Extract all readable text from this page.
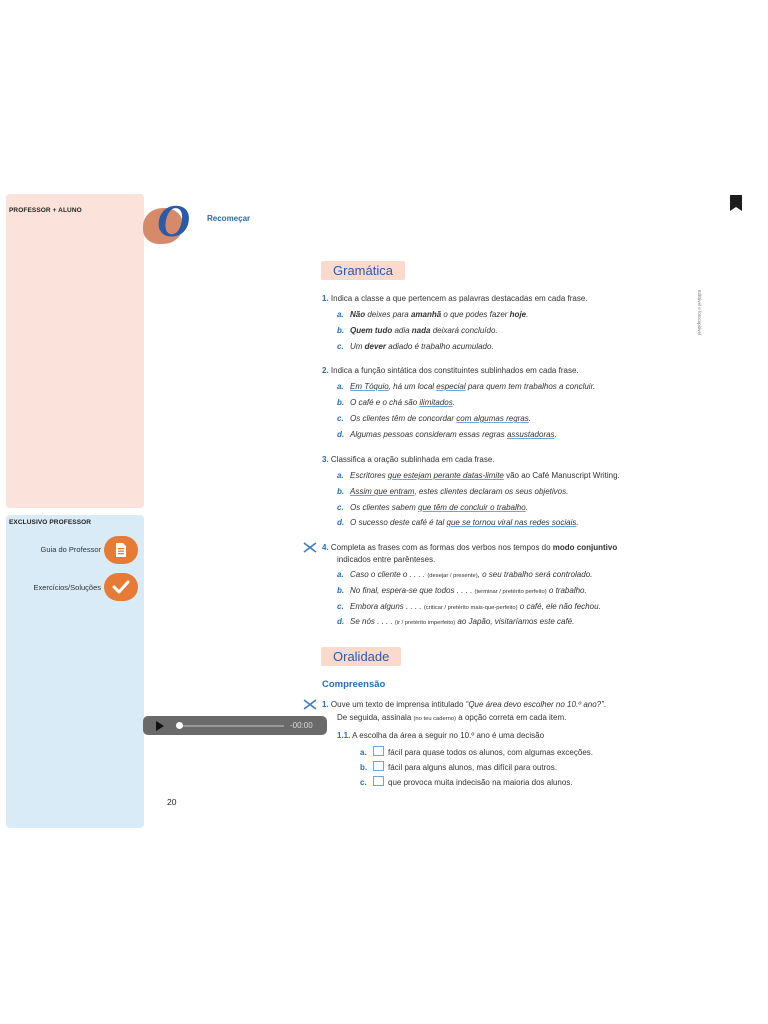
PROFESSOR + ALUNO
EXCLUSIVO PROFESSOR
Guia do Professor
Exercícios/Soluções
O Recomeçar
Editável e fotocopiável
Gramática
1. Indica a classe a que pertencem as palavras destacadas em cada frase.
a. Não deixes para amanhã o que podes fazer hoje.
b. Quem tudo adia nada deixará concluído.
c. Um dever adiado é trabalho acumulado.
2. Indica a função sintática dos constituintes sublinhados em cada frase.
a. Em Tóquio, há um local especial para quem tem trabalhos a concluir.
b. O café e o chá são ilimitados.
c. Os clientes têm de concordar com algumas regras.
d. Algumas pessoas consideram essas regras assustadoras.
3. Classifica a oração sublinhada em cada frase.
a. Escritores que estejam perante datas-limite vão ao Café Manuscript Writing.
b. Assim que entram, estes clientes declaram os seus objetivos.
c. Os clientes sabem que têm de concluir o trabalho.
d. O sucesso deste café é tal que se tornou viral nas redes sociais.
4. Completa as frases com as formas dos verbos nos tempos do modo conjuntivo
indicados entre parênteses.
a. Caso o cliente o . . . . (desejar / presente), o seu trabalho será controlado.
b. No final, espera-se que todos . . . . (terminar / pretérito perfeito) o trabalho.
c. Embora alguns . . . . (criticar / pretérito mais-que-perfeito) o café, ele não fechou.
d. Se nós . . . . (ir / pretérito imperfeito) ao Japão, visitaríamos este café.
Oralidade
Compreensão
1. Ouve um texto de imprensa intitulado “Que área devo escolher no 10.º ano?”.
De seguida, assinala (no teu caderno) a opção correta em cada item.
-00:00
1.1. A escolha da área a seguir no 10.º ano é uma decisão
a.	fácil para quase todos os alunos, com algumas exceções.
b.	fácil para alguns alunos, mas difícil para outros.
c.	que provoca muita indecisão na maioria dos alunos.
20
